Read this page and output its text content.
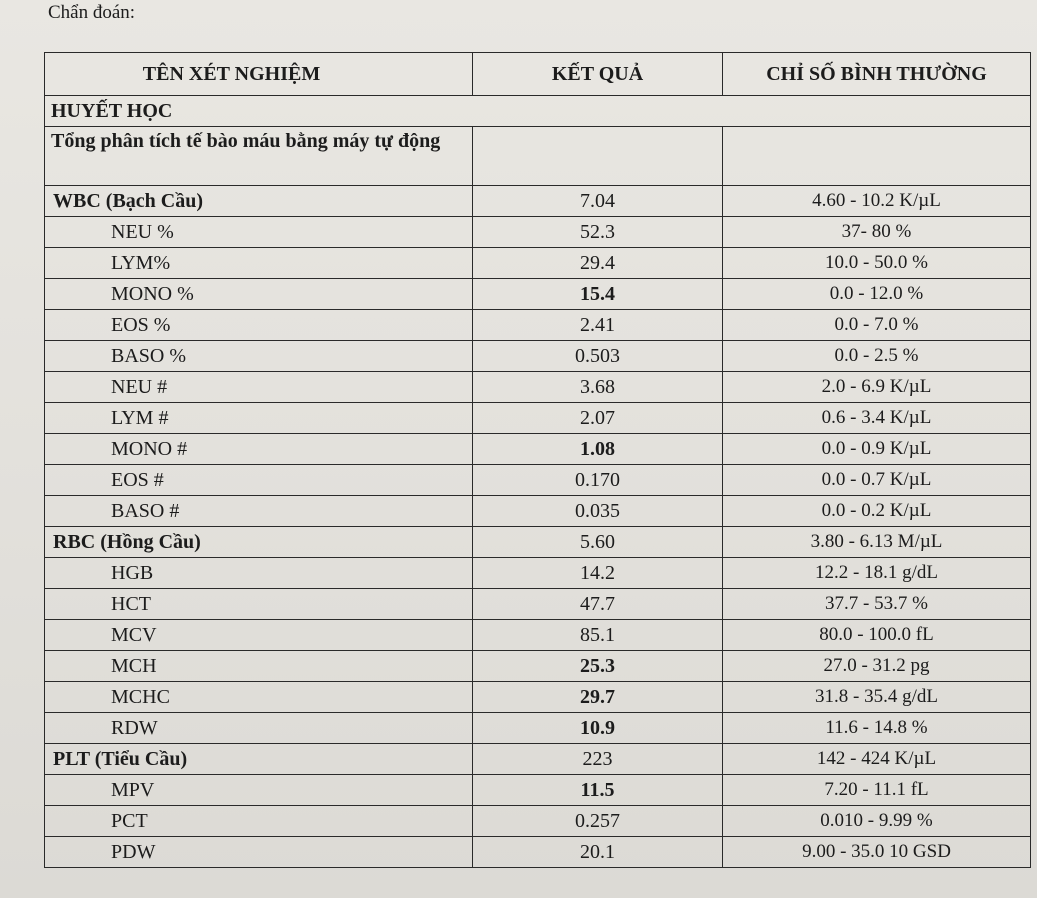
Chẩn đoán:

TÊN XÉT NGHIỆM	KẾT QUẢ	CHỈ SỐ BÌNH THƯỜNG
HUYẾT HỌC		
Tổng phân tích tế bào máu bằng máy tự động		
WBC (Bạch Cầu)	7.04	4.60 - 10.2 K/µL
NEU %	52.3	37- 80 %
LYM%	29.4	10.0 - 50.0 %
MONO %	15.4	0.0 - 12.0 %
EOS %	2.41	0.0 - 7.0 %
BASO %	0.503	0.0 - 2.5 %
NEU #	3.68	2.0 - 6.9 K/µL
LYM #	2.07	0.6 - 3.4 K/µL
MONO #	1.08	0.0 - 0.9 K/µL
EOS #	0.170	0.0 - 0.7 K/µL
BASO #	0.035	0.0 - 0.2 K/µL
RBC (Hồng Cầu)	5.60	3.80 - 6.13 M/µL
HGB	14.2	12.2 - 18.1 g/dL
HCT	47.7	37.7 - 53.7 %
MCV	85.1	80.0 - 100.0 fL
MCH	25.3	27.0 - 31.2 pg
MCHC	29.7	31.8 - 35.4 g/dL
RDW	10.9	11.6 - 14.8 %
PLT (Tiểu Cầu)	223	142 - 424 K/µL
MPV	11.5	7.20 - 11.1 fL
PCT	0.257	0.010 - 9.99 %
PDW	20.1	9.00 - 35.0 10 GSD
